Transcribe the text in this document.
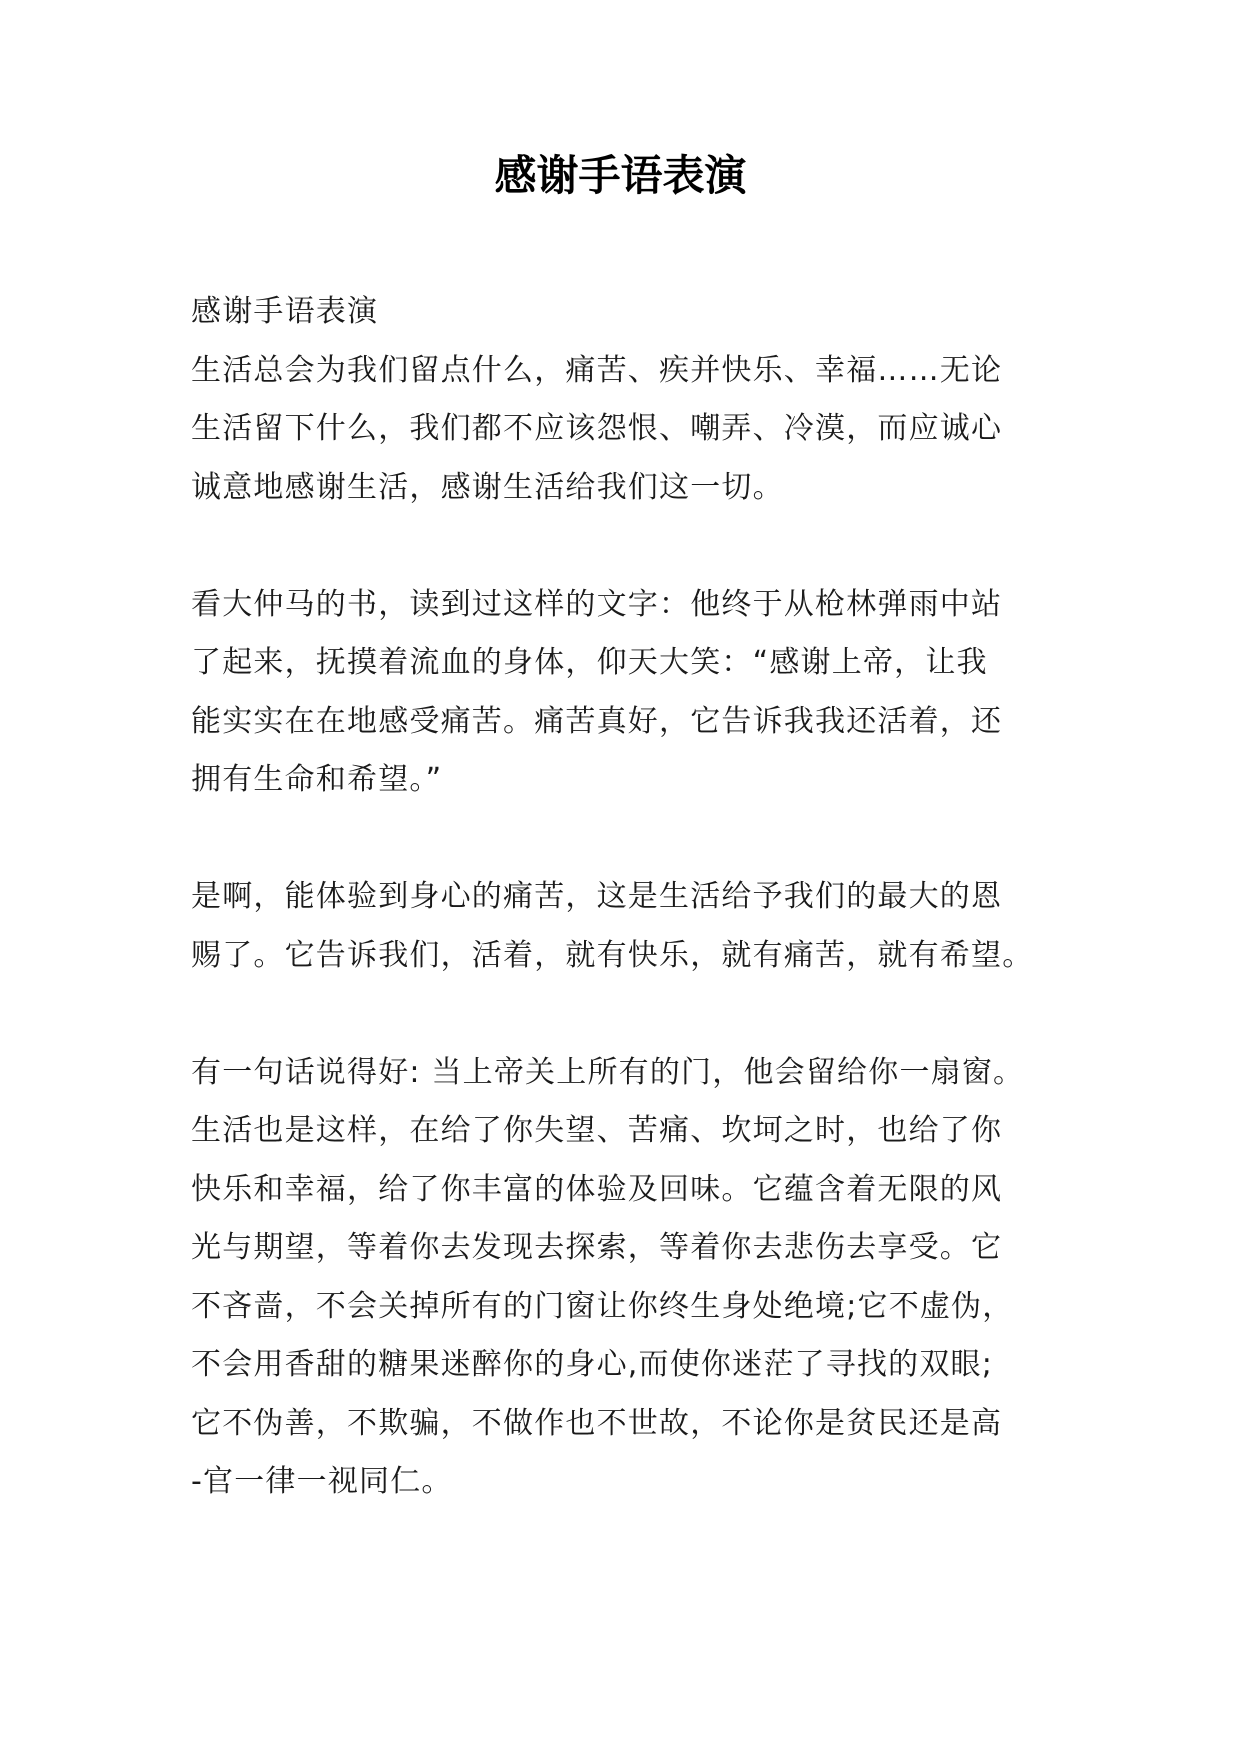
感谢手语表演
感谢手语表演
生活总会为我们留点什么，痛苦、疾并快乐、幸福……无论
生活留下什么，我们都不应该怨恨、嘲弄、冷漠，而应诚心
诚意地感谢生活，感谢生活给我们这一切。
看大仲马的书，读到过这样的文字：他终于从枪林弹雨中站
了起来，抚摸着流血的身体，仰天大笑：“感谢上帝，让我
能实实在在地感受痛苦。痛苦真好，它告诉我我还活着，还
拥有生命和希望。”
是啊，能体验到身心的痛苦，这是生活给予我们的最大的恩
赐了。它告诉我们，活着，就有快乐，就有痛苦，就有希望。
有一句话说得好: 当上帝关上所有的门，他会留给你一扇窗。
生活也是这样，在给了你失望、苦痛、坎坷之时，也给了你
快乐和幸福，给了你丰富的体验及回味。它蕴含着无限的风
光与期望，等着你去发现去探索，等着你去悲伤去享受。它
不吝啬，不会关掉所有的门窗让你终生身处绝境;它不虚伪，
不会用香甜的糖果迷醉你的身心,而使你迷茫了寻找的双眼;
它不伪善，不欺骗，不做作也不世故，不论你是贫民还是高
-官一律一视同仁。
